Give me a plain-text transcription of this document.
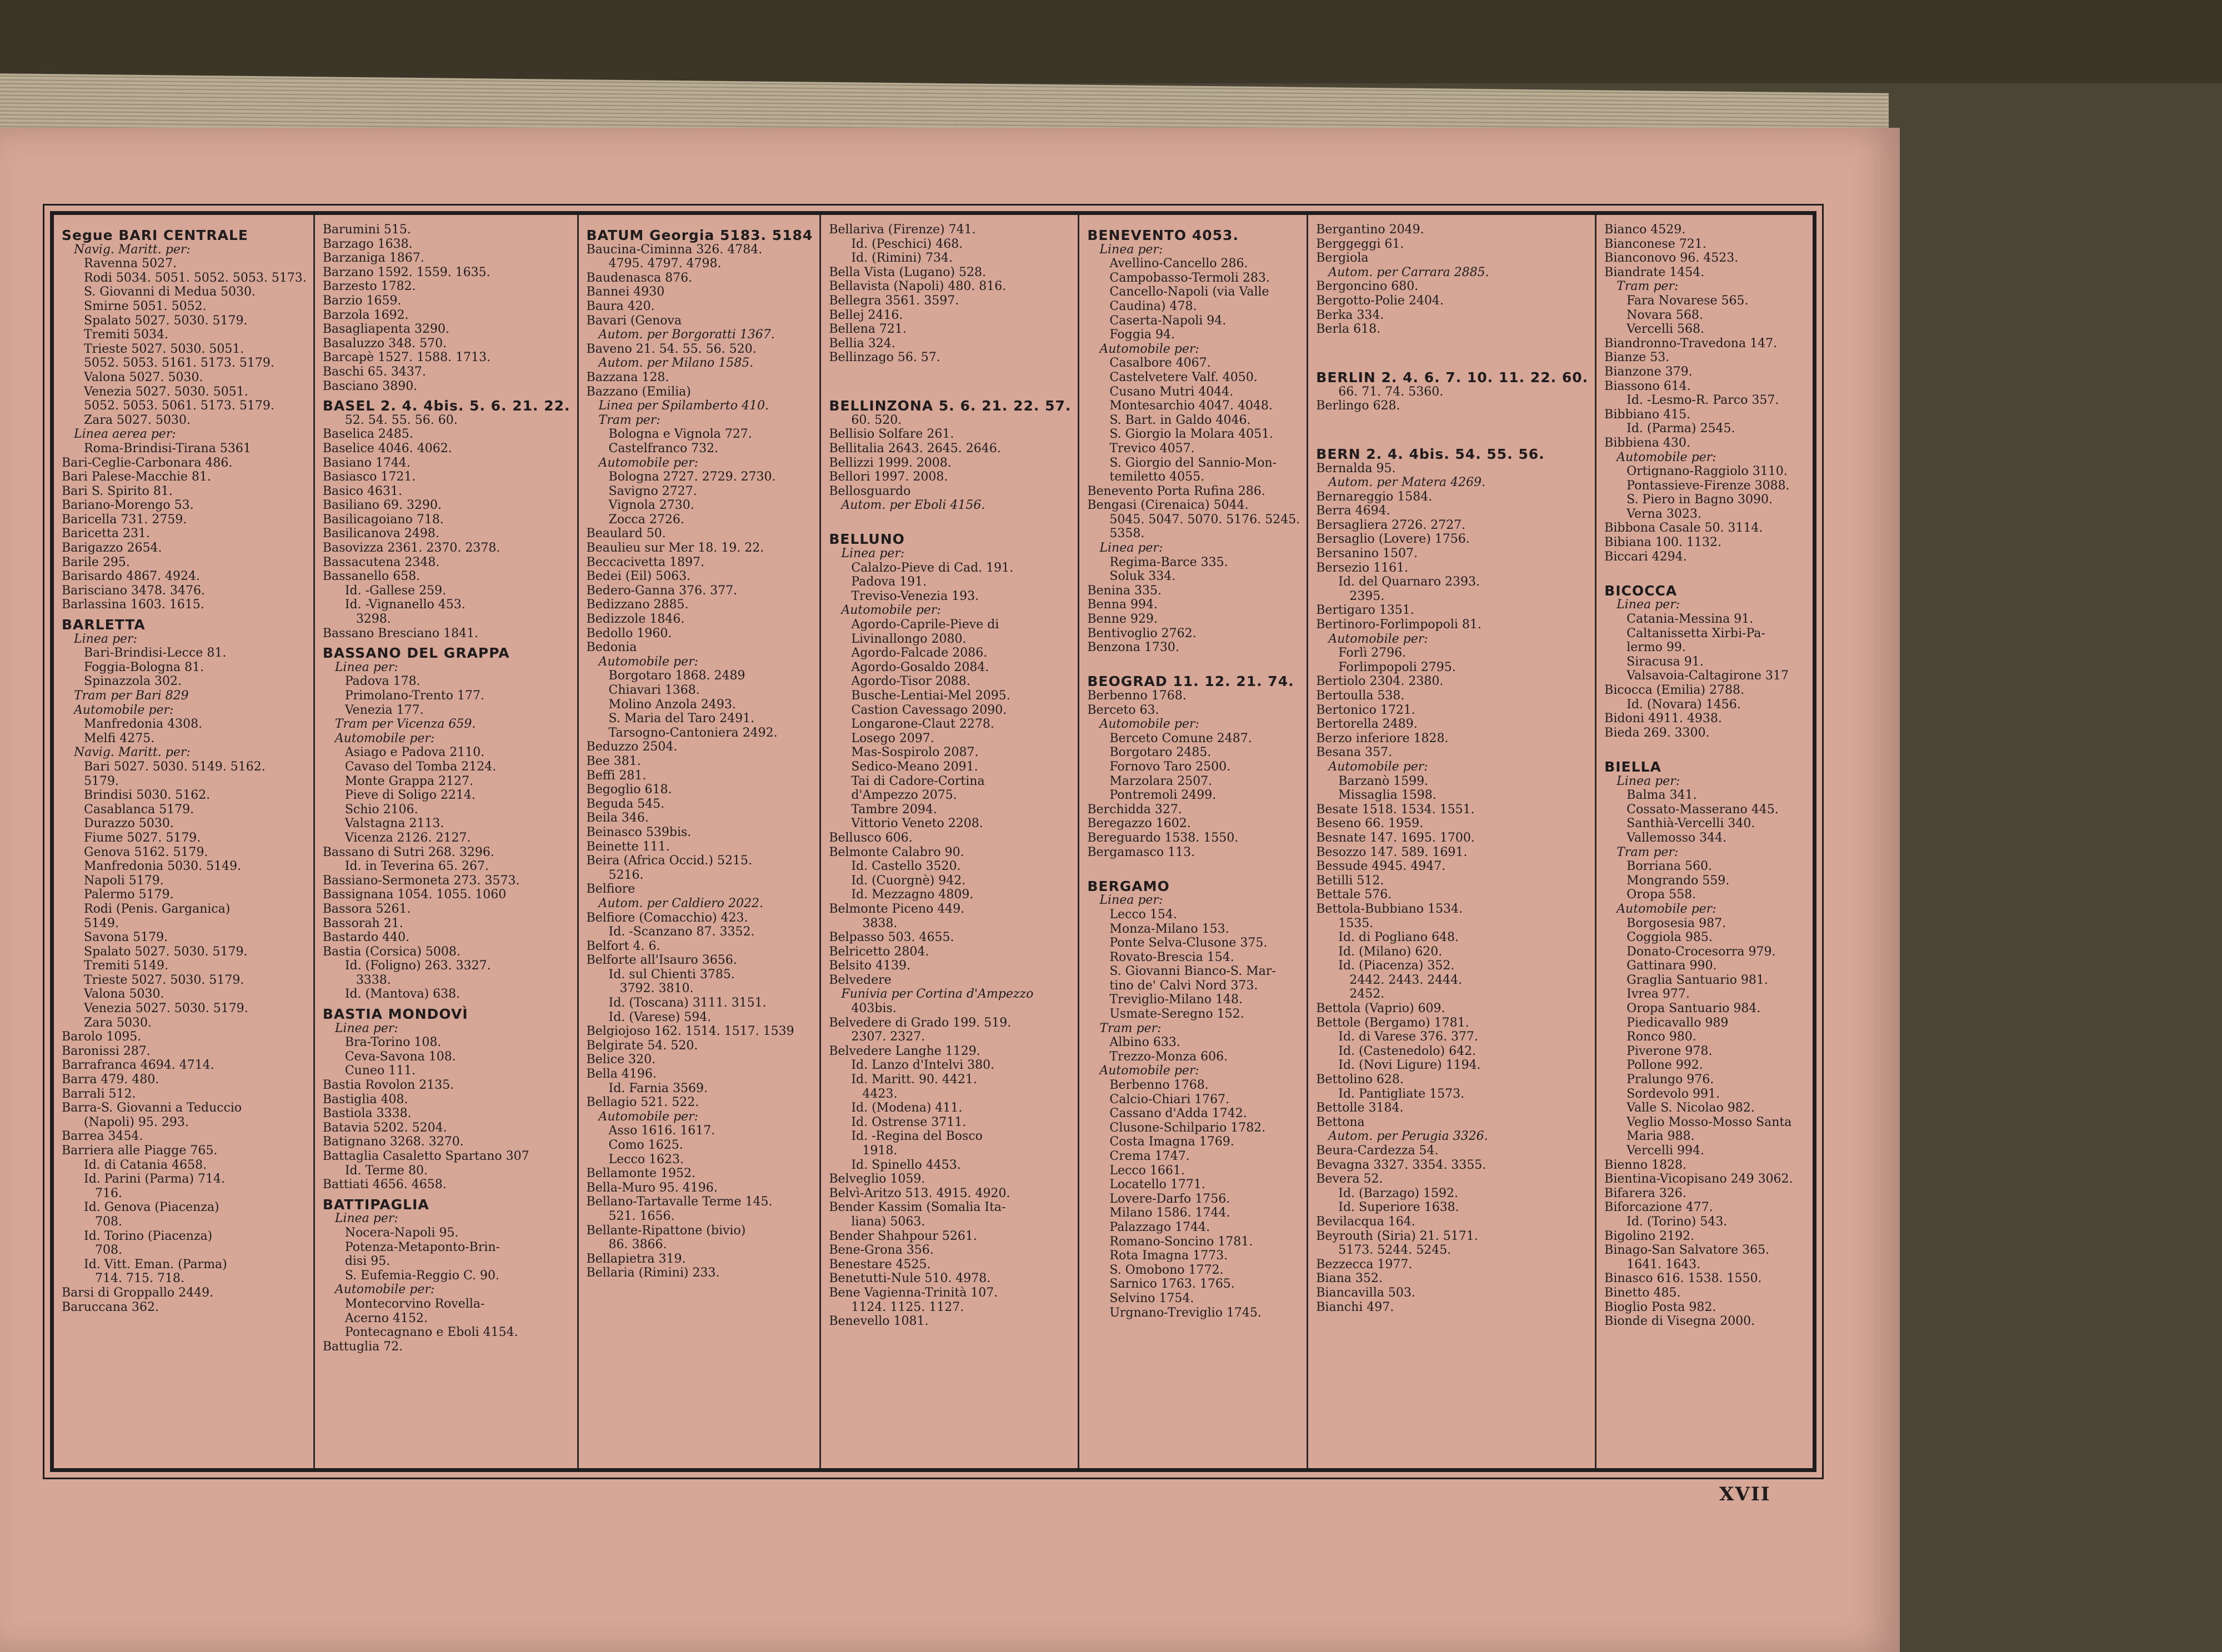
Segue BARI CENTRALE
Navig. Maritt. per:
Ravenna 5027.
Rodi 5034. 5051. 5052. 5053. 5173.
S. Giovanni di Medua 5030.
Smirne 5051. 5052.
Spalato 5027. 5030. 5179.
Tremiti 5034.
Trieste 5027. 5030. 5051.
5052. 5053. 5161. 5173. 5179.
Valona 5027. 5030.
Venezia 5027. 5030. 5051.
5052. 5053. 5061. 5173. 5179.
Zara 5027. 5030.
Linea aerea per:
Roma-Brindisi-Tirana 5361
Bari-Ceglie-Carbonara 486.
Bari Palese-Macchie 81.
Bari S. Spirito 81.
Bariano-Morengo 53.
Baricella 731. 2759.
Baricetta 231.
Barigazzo 2654.
Barile 295.
Barisardo 4867. 4924.
Barisciano 3478. 3476.
Barlassina 1603. 1615.
BARLETTA
Linea per:
Bari-Brindisi-Lecce 81.
Foggia-Bologna 81.
Spinazzola 302.
Tram per Bari 829
Automobile per:
Manfredonia 4308.
Melfi 4275.
Navig. Maritt. per:
Bari 5027. 5030. 5149. 5162.
5179.
Brindisi 5030. 5162.
Casablanca 5179.
Durazzo 5030.
Fiume 5027. 5179.
Genova 5162. 5179.
Manfredonia 5030. 5149.
Napoli 5179.
Palermo 5179.
Rodi (Penis. Garganica)
5149.
Savona 5179.
Spalato 5027. 5030. 5179.
Tremiti 5149.
Trieste 5027. 5030. 5179.
Valona 5030.
Venezia 5027. 5030. 5179.
Zara 5030.
Barolo 1095.
Baronissi 287.
Barrafranca 4694. 4714.
Barra 479. 480.
Barrali 512.
Barra-S. Giovanni a Teduccio
(Napoli) 95. 293.
Barrea 3454.
Barriera alle Piagge 765.
Id. di Catania 4658.
Id. Parini (Parma) 714.
716.
Id. Genova (Piacenza)
708.
Id. Torino (Piacenza)
708.
Id. Vitt. Eman. (Parma)
714. 715. 718.
Barsi di Groppallo 2449.
Baruccana 362.
Barumini 515.
Barzago 1638.
Barzaniga 1867.
Barzano 1592. 1559. 1635.
Barzesto 1782.
Barzio 1659.
Barzola 1692.
Basagliapenta 3290.
Basaluzzo 348. 570.
Barcapè 1527. 1588. 1713.
Baschi 65. 3437.
Basciano 3890.
BASEL 2. 4. 4bis. 5. 6. 21. 22.
52. 54. 55. 56. 60.
Baselica 2485.
Baselice 4046. 4062.
Basiano 1744.
Basiasco 1721.
Basico 4631.
Basiliano 69. 3290.
Basilicagoiano 718.
Basilicanova 2498.
Basovizza 2361. 2370. 2378.
Bassacutena 2348.
Bassanello 658.
Id. -Gallese 259.
Id. -Vignanello 453.
3298.
Bassano Bresciano 1841.
BASSANO DEL GRAPPA
Linea per:
Padova 178.
Primolano-Trento 177.
Venezia 177.
Tram per Vicenza 659.
Automobile per:
Asiago e Padova 2110.
Cavaso del Tomba 2124.
Monte Grappa 2127.
Pieve di Soligo 2214.
Schio 2106.
Valstagna 2113.
Vicenza 2126. 2127.
Bassano di Sutri 268. 3296.
Id. in Teverina 65. 267.
Bassiano-Sermoneta 273. 3573.
Bassignana 1054. 1055. 1060
Bassora 5261.
Bassorah 21.
Bastardo 440.
Bastia (Corsica) 5008.
Id. (Foligno) 263. 3327.
3338.
Id. (Mantova) 638.
BASTIA MONDOVÌ
Linea per:
Bra-Torino 108.
Ceva-Savona 108.
Cuneo 111.
Bastia Rovolon 2135.
Bastiglia 408.
Bastiola 3338.
Batavia 5202. 5204.
Batignano 3268. 3270.
Battaglia Casaletto Spartano 307
Id. Terme 80.
Battiati 4656. 4658.
BATTIPAGLIA
Linea per:
Nocera-Napoli 95.
Potenza-Metaponto-Brin-
disi 95.
S. Eufemia-Reggio C. 90.
Automobile per:
Montecorvino Rovella-
Acerno 4152.
Pontecagnano e Eboli 4154.
Battuglia 72.
BATUM Georgia 5183. 5184
Baucina-Ciminna 326. 4784.
4795. 4797. 4798.
Baudenasca 876.
Bannei 4930
Baura 420.
Bavari (Genova
Autom. per Borgoratti 1367.
Baveno 21. 54. 55. 56. 520.
Autom. per Milano 1585.
Bazzana 128.
Bazzano (Emilia)
Linea per Spilamberto 410.
Tram per:
Bologna e Vignola 727.
Castelfranco 732.
Automobile per:
Bologna 2727. 2729. 2730.
Savigno 2727.
Vignola 2730.
Zocca 2726.
Beaulard 50.
Beaulieu sur Mer 18. 19. 22.
Beccacivetta 1897.
Bedei (Eil) 5063.
Bedero-Ganna 376. 377.
Bedizzano 2885.
Bedizzole 1846.
Bedollo 1960.
Bedonia
Automobile per:
Borgotaro 1868. 2489
Chiavari 1368.
Molino Anzola 2493.
S. Maria del Taro 2491.
Tarsogno-Cantoniera 2492.
Beduzzo 2504.
Bee 381.
Beffi 281.
Begoglio 618.
Beguda 545.
Beila 346.
Beinasco 539bis.
Beinette 111.
Beira (Africa Occid.) 5215.
5216.
Belfiore
Autom. per Caldiero 2022.
Belfiore (Comacchio) 423.
Id. -Scanzano 87. 3352.
Belfort 4. 6.
Belforte all'Isauro 3656.
Id. sul Chienti 3785.
3792. 3810.
Id. (Toscana) 3111. 3151.
Id. (Varese) 594.
Belgiojoso 162. 1514. 1517. 1539
Belgirate 54. 520.
Belice 320.
Bella 4196.
Id. Farnia 3569.
Bellagio 521. 522.
Automobile per:
Asso 1616. 1617.
Como 1625.
Lecco 1623.
Bellamonte 1952.
Bella-Muro 95. 4196.
Bellano-Tartavalle Terme 145.
521. 1656.
Bellante-Ripattone (bivio)
86. 3866.
Bellapietra 319.
Bellaria (Rimini) 233.
Bellariva (Firenze) 741.
Id. (Peschici) 468.
Id. (Rimini) 734.
Bella Vista (Lugano) 528.
Bellavista (Napoli) 480. 816.
Bellegra 3561. 3597.
Bellej 2416.
Bellena 721.
Bellia 324.
Bellinzago 56. 57.

BELLINZONA 5. 6. 21. 22. 57.
60. 520.
Bellisio Solfare 261.
Bellitalia 2643. 2645. 2646.
Bellizzi 1999. 2008.
Bellori 1997. 2008.
Bellosguardo
Autom. per Eboli 4156.

BELLUNO
Linea per:
Calalzo-Pieve di Cad. 191.
Padova 191.
Treviso-Venezia 193.
Automobile per:
Agordo-Caprile-Pieve di
Livinallongo 2080.
Agordo-Falcade 2086.
Agordo-Gosaldo 2084.
Agordo-Tisor 2088.
Busche-Lentiai-Mel 2095.
Castion Cavessago 2090.
Longarone-Claut 2278.
Losego 2097.
Mas-Sospirolo 2087.
Sedico-Meano 2091.
Tai di Cadore-Cortina
d'Ampezzo 2075.
Tambre 2094.
Vittorio Veneto 2208.
Bellusco 606.
Belmonte Calabro 90.
Id. Castello 3520.
Id. (Cuorgnè) 942.
Id. Mezzagno 4809.
Belmonte Piceno 449.
3838.
Belpasso 503. 4655.
Belricetto 2804.
Belsito 4139.
Belvedere
Funivia per Cortina d'Ampezzo
403bis.
Belvedere di Grado 199. 519.
2307. 2327.
Belvedere Langhe 1129.
Id. Lanzo d'Intelvi 380.
Id. Maritt. 90. 4421.
4423.
Id. (Modena) 411.
Id. Ostrense 3711.
Id. -Regina del Bosco
1918.
Id. Spinello 4453.
Belveglio 1059.
Belvì-Aritzo 513. 4915. 4920.
Bender Kassim (Somalia Ita-
liana) 5063.
Bender Shahpour 5261.
Bene-Grona 356.
Benestare 4525.
Benetutti-Nule 510. 4978.
Bene Vagienna-Trinità 107.
1124. 1125. 1127.
Benevello 1081.
BENEVENTO 4053.
Linea per:
Avellino-Cancello 286.
Campobasso-Termoli 283.
Cancello-Napoli (via Valle
Caudina) 478.
Caserta-Napoli 94.
Foggia 94.
Automobile per:
Casalbore 4067.
Castelvetere Valf. 4050.
Cusano Mutri 4044.
Montesarchio 4047. 4048.
S. Bart. in Galdo 4046.
S. Giorgio la Molara 4051.
Trevico 4057.
S. Giorgio del Sannio-Mon-
temiletto 4055.
Benevento Porta Rufina 286.
Bengasi (Cirenaica) 5044.
5045. 5047. 5070. 5176. 5245.
5358.
Linea per:
Regima-Barce 335.
Soluk 334.
Benina 335.
Benna 994.
Benne 929.
Bentivoglio 2762.
Benzona 1730.

BEOGRAD 11. 12. 21. 74.
Berbenno 1768.
Berceto 63.
Automobile per:
Berceto Comune 2487.
Borgotaro 2485.
Fornovo Taro 2500.
Marzolara 2507.
Pontremoli 2499.
Berchidda 327.
Beregazzo 1602.
Bereguardo 1538. 1550.
Bergamasco 113.

BERGAMO
Linea per:
Lecco 154.
Monza-Milano 153.
Ponte Selva-Clusone 375.
Rovato-Brescia 154.
S. Giovanni Bianco-S. Mar-
tino de' Calvi Nord 373.
Treviglio-Milano 148.
Usmate-Seregno 152.
Tram per:
Albino 633.
Trezzo-Monza 606.
Automobile per:
Berbenno 1768.
Calcio-Chiari 1767.
Cassano d'Adda 1742.
Clusone-Schilpario 1782.
Costa Imagna 1769.
Crema 1747.
Lecco 1661.
Locatello 1771.
Lovere-Darfo 1756.
Milano 1586. 1744.
Palazzago 1744.
Romano-Soncino 1781.
Rota Imagna 1773.
S. Omobono 1772.
Sarnico 1763. 1765.
Selvino 1754.
Urgnano-Treviglio 1745.
Bergantino 2049.
Berggeggi 61.
Bergiola
Autom. per Carrara 2885.
Bergoncino 680.
Bergotto-Polie 2404.
Berka 334.
Berla 618.

BERLIN 2. 4. 6. 7. 10. 11. 22. 60.
66. 71. 74. 5360.
Berlingo 628.

BERN 2. 4. 4bis. 54. 55. 56.
Bernalda 95.
Autom. per Matera 4269.
Bernareggio 1584.
Berra 4694.
Bersagliera 2726. 2727.
Bersaglio (Lovere) 1756.
Bersanino 1507.
Bersezio 1161.
Id. del Quarnaro 2393.
2395.
Bertigaro 1351.
Bertinoro-Forlimpopoli 81.
Automobile per:
Forlì 2796.
Forlimpopoli 2795.
Bertiolo 2304. 2380.
Bertoulla 538.
Bertonico 1721.
Bertorella 2489.
Berzo inferiore 1828.
Besana 357.
Automobile per:
Barzanò 1599.
Missaglia 1598.
Besate 1518. 1534. 1551.
Besenо 66. 1959.
Besnate 147. 1695. 1700.
Besozzo 147. 589. 1691.
Bessude 4945. 4947.
Betilli 512.
Bettale 576.
Bettola-Bubbiano 1534.
1535.
Id. di Pogliano 648.
Id. (Milano) 620.
Id. (Piacenza) 352.
2442. 2443. 2444.
2452.
Bettola (Vaprio) 609.
Bettole (Bergamo) 1781.
Id. di Varese 376. 377.
Id. (Castenedolo) 642.
Id. (Novi Ligure) 1194.
Bettolino 628.
Id. Pantigliate 1573.
Bettolle 3184.
Bettona
Autom. per Perugia 3326.
Beura-Cardezza 54.
Bevagna 3327. 3354. 3355.
Bevera 52.
Id. (Barzago) 1592.
Id. Superiore 1638.
Bevilacqua 164.
Beyrouth (Siria) 21. 5171.
5173. 5244. 5245.
Bezzecca 1977.
Biana 352.
Biancavilla 503.
Bianchi 497.
Bianco 4529.
Bianconese 721.
Bianconovo 96. 4523.
Biandrate 1454.
Tram per:
Fara Novarese 565.
Novara 568.
Vercelli 568.
Biandronno-Travedona 147.
Bianze 53.
Bianzone 379.
Biassono 614.
Id. -Lesmo-R. Parco 357.
Bibbiano 415.
Id. (Parma) 2545.
Bibbiena 430.
Automobile per:
Ortignano-Raggiolo 3110.
Pontassieve-Firenze 3088.
S. Piero in Bagno 3090.
Verna 3023.
Bibbona Casale 50. 3114.
Bibiana 100. 1132.
Biccari 4294.

BICOCCA
Linea per:
Catania-Messina 91.
Caltanissetta Xirbi-Pa-
lermo 99.
Siracusa 91.
Valsavoia-Caltagirone 317
Bicocca (Emilia) 2788.
Id. (Novara) 1456.
Bidoni 4911. 4938.
Bieda 269. 3300.

BIELLA
Linea per:
Balma 341.
Cossato-Masserano 445.
Santhià-Vercelli 340.
Vallemosso 344.
Tram per:
Borriana 560.
Mongrando 559.
Oropa 558.
Automobile per:
Borgosesia 987.
Coggiola 985.
Donato-Crocesorra 979.
Gattinara 990.
Graglia Santuario 981.
Ivrea 977.
Oropa Santuario 984.
Piedicavallo 989
Ronco 980.
Piverone 978.
Pollone 992.
Pralungo 976.
Sordevolo 991.
Valle S. Nicolao 982.
Veglio Mosso-Mosso Santa
Maria 988.
Vercelli 994.
Bienno 1828.
Bientina-Vicopisano 249 3062.
Bifarera 326.
Biforcazione 477.
Id. (Torino) 543.
Bigolino 2192.
Binago-San Salvatore 365.
1641. 1643.
Binasco 616. 1538. 1550.
Binetto 485.
Bioglio Posta 982.
Bionde di Visegna 2000.
XVII
